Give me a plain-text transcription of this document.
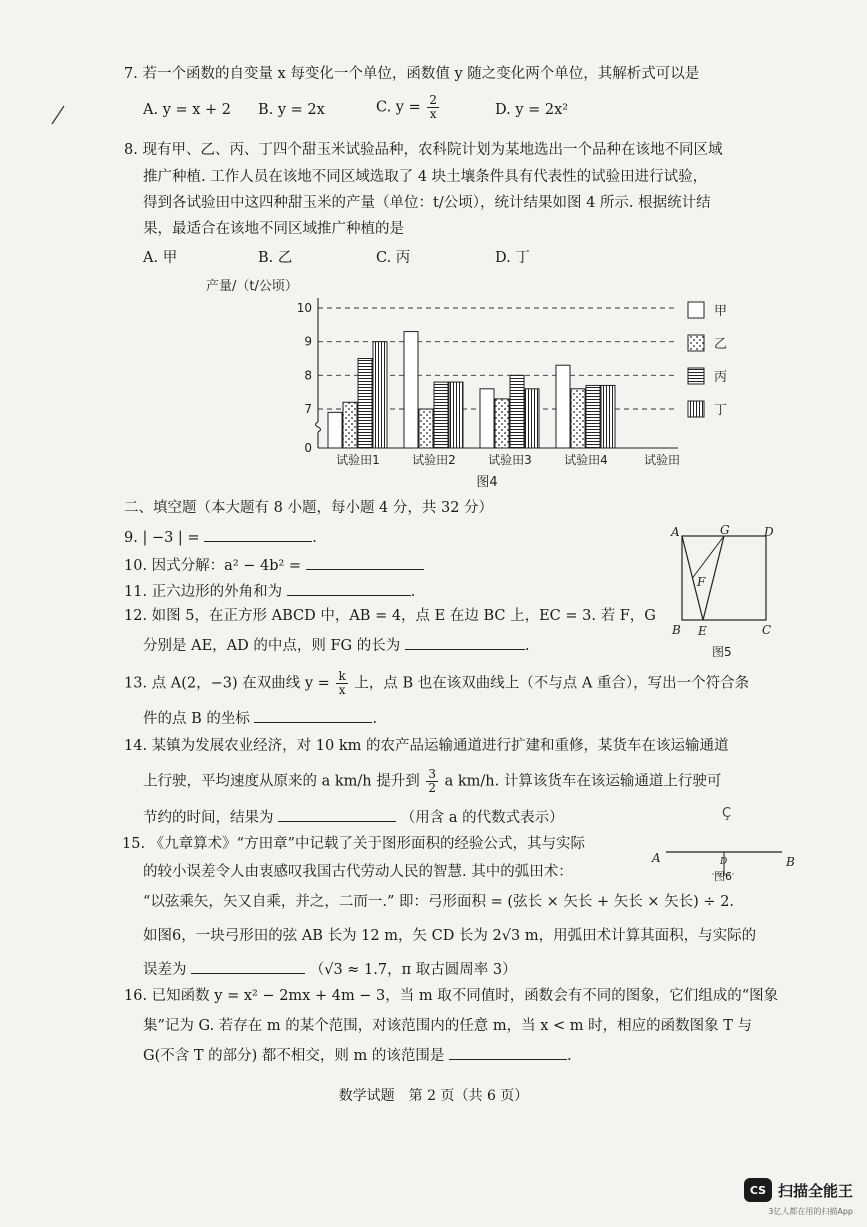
7. 若一个函数的自变量 x 每变化一个单位，函数值 y 随之变化两个单位，其解析式可以是
A. y = x + 2 B. y = 2x	C. $y = \frac{2}{x}$	D. y = 2x²
8. 现有甲、乙、丙、丁四个甜玉米试验品种，农科院计划为某地选出一个品种在该地不同区域
推广种植. 工作人员在该地不同区域选取了 4 块土壤条件具有代表性的试验田进行试验，
得到各试验田中这四种甜玉米的产量（单位：t/公顷），统计结果如图 4 所示. 根据统计结
果，最适合在该地不同区域推广种植的是
A. 甲	B. 乙	C. 丙	D. 丁
产量/（t/公顷）
0
7
8
9
10
试验田1	试验田2	试验田3	试验田4	试验田
甲
乙
丙
丁
图4
二、填空题（本大题有 8 小题，每小题 4 分，共 32 分）
9. | −3 | =	.
10. 因式分解：a² − 4b² =
11. 正六边形的外角和为	.
12. 如图 5，在正方形 ABCD 中，AB = 4，点 E 在边 BC 上，EC = 3. 若 F，G
分别是 AE，AD 的中点，则 FG 的长为	.
A	G	D
F
B E	C
图5
13. 点 A(2，−3) 在双曲线 $y = \frac{k}{x}$ 上，点 B 也在该双曲线上（不与点 A 重合），写出一个符合条
件的点 B 的坐标	.
14. 某镇为发展农业经济，对 10 km 的农产品运输通道进行扩建和重修，某货车在该运输通道
上行驶，平均速度从原来的 a km/h 提升到 $\frac{3}{2}$ a km/h. 计算该货车在该运输通道上行驶可
节约的时间，结果为	（用含 a 的代数式表示）	Ç
15. 《九章算术》“方田章”中记载了关于图形面积的经验公式，其与实际
的较小误差令人由衷感叹我国古代劳动人民的智慧. 其中的弧田术：
“以弦乘矢，矢又自乘，并之，二而一.” 即：弓形面积 = (弦长 × 矢长 + 矢长 × 矢长) ÷ 2.
如图6，一块弓形田的弦 AB 长为 12 m，矢 CD 长为 2√3 m，用弧田术计算其面积，与实际的
误差为	（√3 ≈ 1.7，π 取古圆周率 3）
A	B
D
图6
16. 已知函数 y = x² − 2mx + 4m − 3，当 m 取不同值时，函数会有不同的图象，它们组成的“图象
集”记为 G. 若存在 m 的某个范围，对该范围内的任意 m，当 x < m 时，相应的函数图象 T 与
G(不含 T 的部分) 都不相交，则 m 的该范围是	.
数学试题　第 2 页（共 6 页）
CS 扫描全能王
3亿人都在用的扫描App
